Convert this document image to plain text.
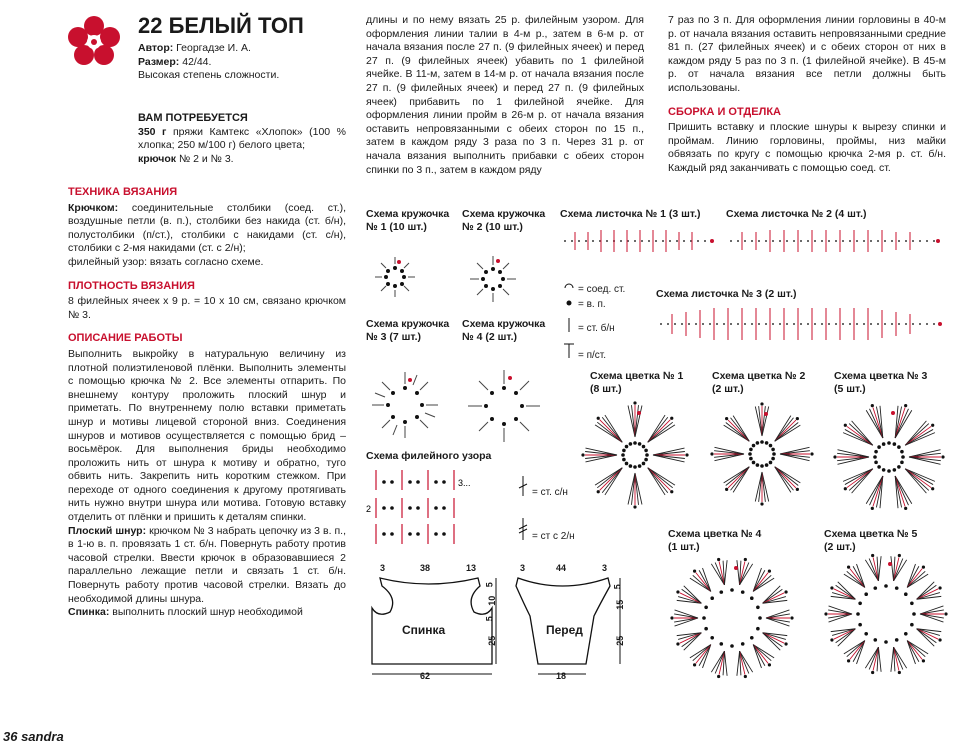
22 БЕЛЫЙ ТОП
Автор: Георгадзе И. А.
Размер: 42/44.
Высокая степень сложности.
ВАМ ПОТРЕБУЕТСЯ

350 г пряжи Камтекс «Хлопок» (100 % хлопка; 250 м/100 г) белого цвета;

крючок № 2 и № 3.

ТЕХНИКА ВЯЗАНИЯ

Крючком: соединительные столбики (соед. ст.), воздушные петли (в. п.), столбики без накида (ст. б/н), полустолбики (п/ст.), столбики с накидами (ст. с/н), столбики с 2-мя накидами (ст. с 2/н);

филейный узор: вязать согласно схеме.

ПЛОТНОСТЬ ВЯЗАНИЯ

8 филейных ячеек х 9 р. = 10 х 10 см, связано крючком № 3.

ОПИСАНИЕ РАБОТЫ

Выполнить выкройку в натуральную величину из плотной полиэтиленовой плёнки. Выполнить элементы с помощью крючка № 2. Все элементы отпарить. По внешнему контуру проложить плоский шнур и приметать. По внутреннему полю вставки приметать шнур и мотивы лицевой стороной вниз. Соединения шнуров и мотивов осуществляется с помощью брид – восьмёрок. Для выполнения бриды необходимо проложить нить от шнура к мотиву и обратно, туго обвить нить. Закрепить нить коротким стежком. При переходе от одного соединения к другому протягивать нить нужно внутри шнура или мотива. Готовую вставку отделить от плёнки и пришить к деталям спинки.

Плоский шнур: крючком № 3 набрать цепочку из 3 в. п., в 1-ю в. п. провязать 1 ст. б/н. Повернуть работу против часовой стрелки. Ввести крючок в образовавшиеся 2 параллельно лежащие петли и связать 1 ст. б/н. Повернуть работу против часовой стрелки. Вязать до необходимой длины шнура.

Спинка: выполнить плоский шнур необходимой

длины и по нему вязать 25 р. филейным узором. Для оформления линии талии в 4-м р., затем в 6-м р. от начала вязания после 27 п. (9 филейных ячеек) и перед 27 п. (9 филейных ячеек) убавить по 1 филейной ячейке. В 11-м, затем в 14-м р. от начала вязания после 27 п. (9 филейных ячеек) и перед 27 п. (9 филейных ячеек) прибавить по 1 филейной ячейке. Для оформления линии пройм в 26-м р. от начала вязания оставить непровязанными с обеих сторон по 15 п., затем в каждом ряду 3 раза по 3 п. Через 31 р. от начала вязания выполнить прибавки с обеих сторон спинки по 3 п., затем в каждом ряду

7 раз по 3 п. Для оформления линии горловины в 40-м р. от начала вязания оставить непровязанными средние 81 п. (27 филейных ячеек) и с обеих сторон от них в каждом ряду 5 раз по 3 п. (1 филейной ячейке). В 45-м р. от начала вязания все петли должны быть использованы.

СБОРКА И ОТДЕЛКА

Пришить вставку и плоские шнуры к вырезу спинки и проймам. Линию горловины, проймы, низ майки обвязать по кругу с помощью крючка 2-мя р. ст. б/н. Каждый ряд заканчивать с помощью соед. ст.

Схема кружочка № 1 (10 шт.)
Схема кружочка № 2 (10 шт.)
Схема кружочка № 3 (7 шт.)
Схема кружочка № 4 (2 шт.)
Схема листочка № 1 (3 шт.) Схема листочка № 2 (4 шт.)
Схема листочка № 3 (2 шт.)
= соед. ст.
= в. п.
= ст. б/н
= п/ст.
Схема цветка № 1 (8 шт.)
Схема цветка № 2 (2 шт.)
Схема цветка № 3 (5 шт.)
Схема цветка № 4 (1 шт.)
Схема цветка № 5 (2 шт.)
Схема филейного узора
2
3...
= ст. с/н
= ст с 2/н
Спинка
3	38	13
5
10
5
25
62
Перед
3	44	3
5
15
25
18
36 sandra
